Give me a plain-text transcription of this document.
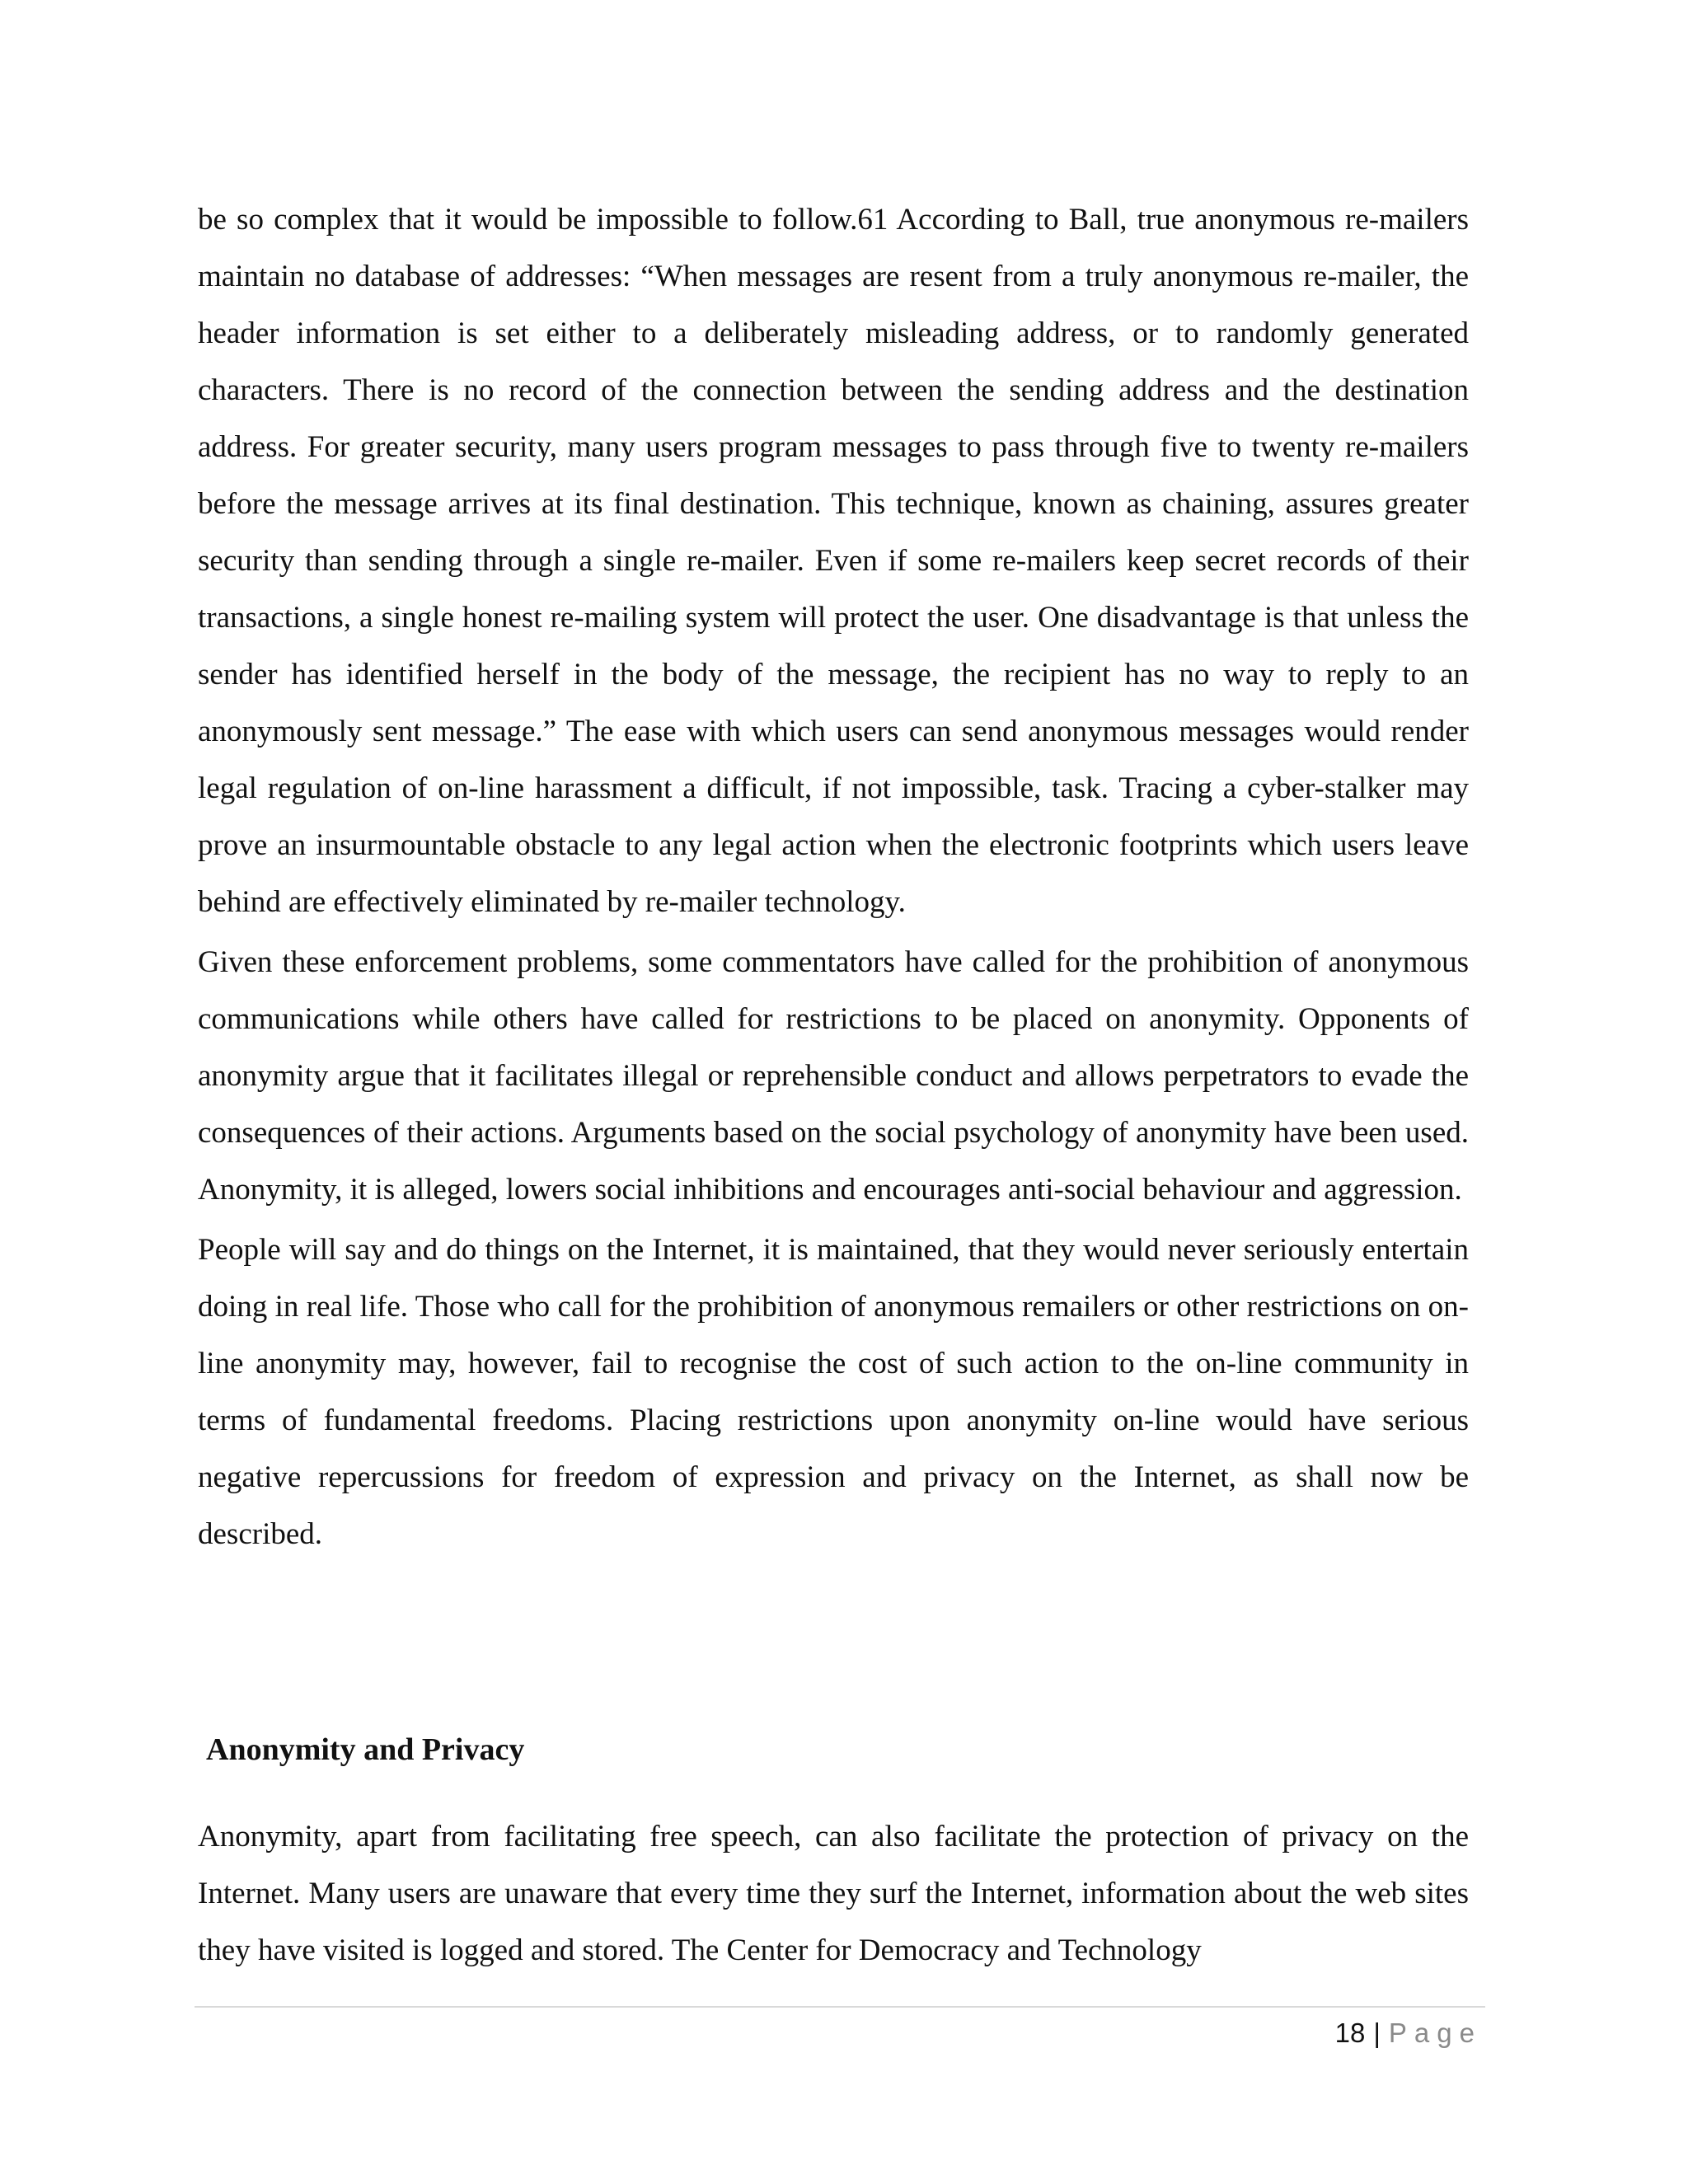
be so complex that it would be impossible to follow.61 According to Ball, true anonymous re-mailers maintain no database of addresses: “When messages are resent from a truly anonymous re-mailer, the header information is set either to a deliberately misleading address, or to randomly generated characters. There is no record of the connection between the sending address and the destination address. For greater security, many users program messages to pass through five to twenty re-mailers before the message arrives at its final destination. This technique, known as chaining, assures greater security than sending through a single re-mailer. Even if some re-mailers keep secret records of their transactions, a single honest re-mailing system will protect the user. One disadvantage is that unless the sender has identified herself in the body of the message, the recipient has no way to reply to an anonymously sent message.” The ease with which users can send anonymous messages would render legal regulation of on-line harassment a difficult, if not impossible, task. Tracing a cyber-stalker may prove an insurmountable obstacle to any legal action when the electronic footprints which users leave behind are effectively eliminated by re-mailer technology.

Given these enforcement problems, some commentators have called for the prohibition of anonymous communications while others have called for restrictions to be placed on anonymity. Opponents of anonymity argue that it facilitates illegal or reprehensible conduct and allows perpetrators to evade the consequences of their actions. Arguments based on the social psychology of anonymity have been used. Anonymity, it is alleged, lowers social inhibitions and encourages anti-social behaviour and aggression.

People will say and do things on the Internet, it is maintained, that they would never seriously entertain doing in real life. Those who call for the prohibition of anonymous remailers or other restrictions on on-line anonymity may, however, fail to recognise the cost of such action to the on-line community in terms of fundamental freedoms. Placing restrictions upon anonymity on-line would have serious negative repercussions for freedom of expression and privacy on the Internet, as shall now be described.

Anonymity and Privacy

Anonymity, apart from facilitating free speech, can also facilitate the protection of privacy on the Internet. Many users are unaware that every time they surf the Internet, information about the web sites they have visited is logged and stored. The Center for Democracy and Technology

18 | Page
